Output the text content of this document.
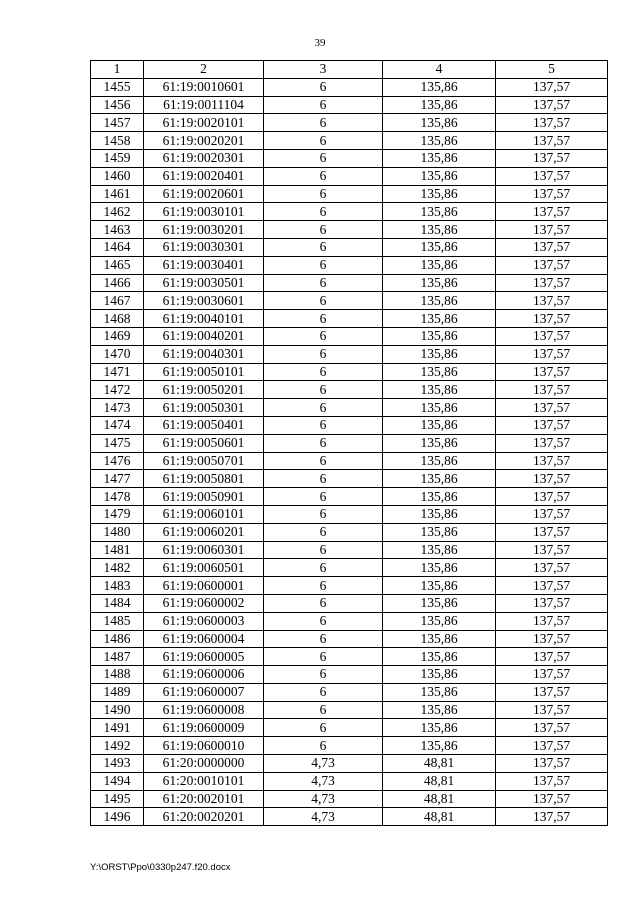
39
1	2	3	4	5
1455	61:19:0010601	6	135,86	137,57
1456	61:19:0011104	6	135,86	137,57
1457	61:19:0020101	6	135,86	137,57
1458	61:19:0020201	6	135,86	137,57
1459	61:19:0020301	6	135,86	137,57
1460	61:19:0020401	6	135,86	137,57
1461	61:19:0020601	6	135,86	137,57
1462	61:19:0030101	6	135,86	137,57
1463	61:19:0030201	6	135,86	137,57
1464	61:19:0030301	6	135,86	137,57
1465	61:19:0030401	6	135,86	137,57
1466	61:19:0030501	6	135,86	137,57
1467	61:19:0030601	6	135,86	137,57
1468	61:19:0040101	6	135,86	137,57
1469	61:19:0040201	6	135,86	137,57
1470	61:19:0040301	6	135,86	137,57
1471	61:19:0050101	6	135,86	137,57
1472	61:19:0050201	6	135,86	137,57
1473	61:19:0050301	6	135,86	137,57
1474	61:19:0050401	6	135,86	137,57
1475	61:19:0050601	6	135,86	137,57
1476	61:19:0050701	6	135,86	137,57
1477	61:19:0050801	6	135,86	137,57
1478	61:19:0050901	6	135,86	137,57
1479	61:19:0060101	6	135,86	137,57
1480	61:19:0060201	6	135,86	137,57
1481	61:19:0060301	6	135,86	137,57
1482	61:19:0060501	6	135,86	137,57
1483	61:19:0600001	6	135,86	137,57
1484	61:19:0600002	6	135,86	137,57
1485	61:19:0600003	6	135,86	137,57
1486	61:19:0600004	6	135,86	137,57
1487	61:19:0600005	6	135,86	137,57
1488	61:19:0600006	6	135,86	137,57
1489	61:19:0600007	6	135,86	137,57
1490	61:19:0600008	6	135,86	137,57
1491	61:19:0600009	6	135,86	137,57
1492	61:19:0600010	6	135,86	137,57
1493	61:20:0000000	4,73	48,81	137,57
1494	61:20:0010101	4,73	48,81	137,57
1495	61:20:0020101	4,73	48,81	137,57
1496	61:20:0020201	4,73	48,81	137,57
Y:\ORST\Ppo\0330p247.f20.docx
